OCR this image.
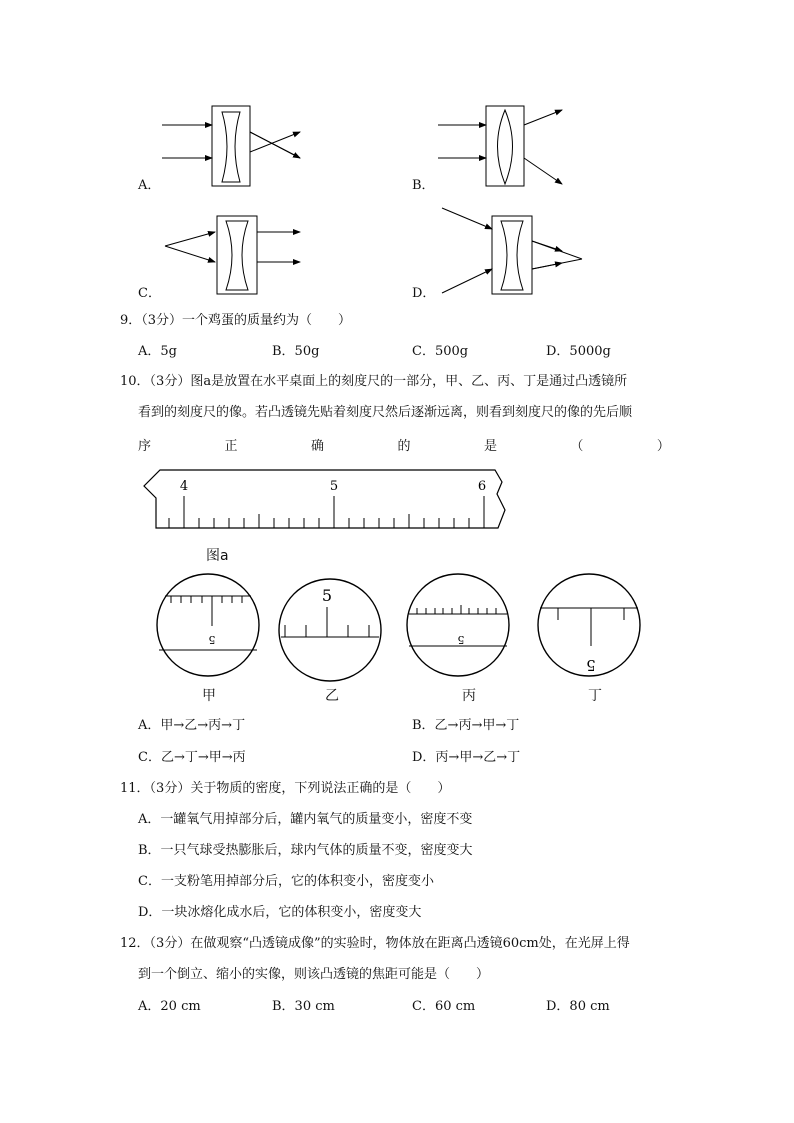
A．	B．
C．	D．
9．（3分）一个鸡蛋的质量约为（　　）
A．5g	B．50g	C．500g	D．5000g
10．（3分）图a是放置在水平桌面上的刻度尺的一部分，甲、乙、丙、丁是通过凸透镜所
看到的刻度尺的像。若凸透镜先贴着刻度尺然后逐渐远离，则看到刻度尺的像的先后顺
序	正	确	的	是	（	）
4	5	6
图a
5
5
5
5
甲	乙	丙	丁
A．甲→乙→丙→丁	B．乙→丙→甲→丁
C．乙→丁→甲→丙	D．丙→甲→乙→丁
11．（3分）关于物质的密度，下列说法正确的是（　　）
A．一罐氧气用掉部分后，罐内氧气的质量变小，密度不变
B．一只气球受热膨胀后，球内气体的质量不变，密度变大
C．一支粉笔用掉部分后，它的体积变小，密度变小
D．一块冰熔化成水后，它的体积变小，密度变大
12．（3分）在做观察“凸透镜成像”的实验时，物体放在距离凸透镜60cm处，在光屏上得
到一个倒立、缩小的实像，则该凸透镜的焦距可能是（　　）
A．20 cm	B．30 cm	C．60 cm	D．80 cm
